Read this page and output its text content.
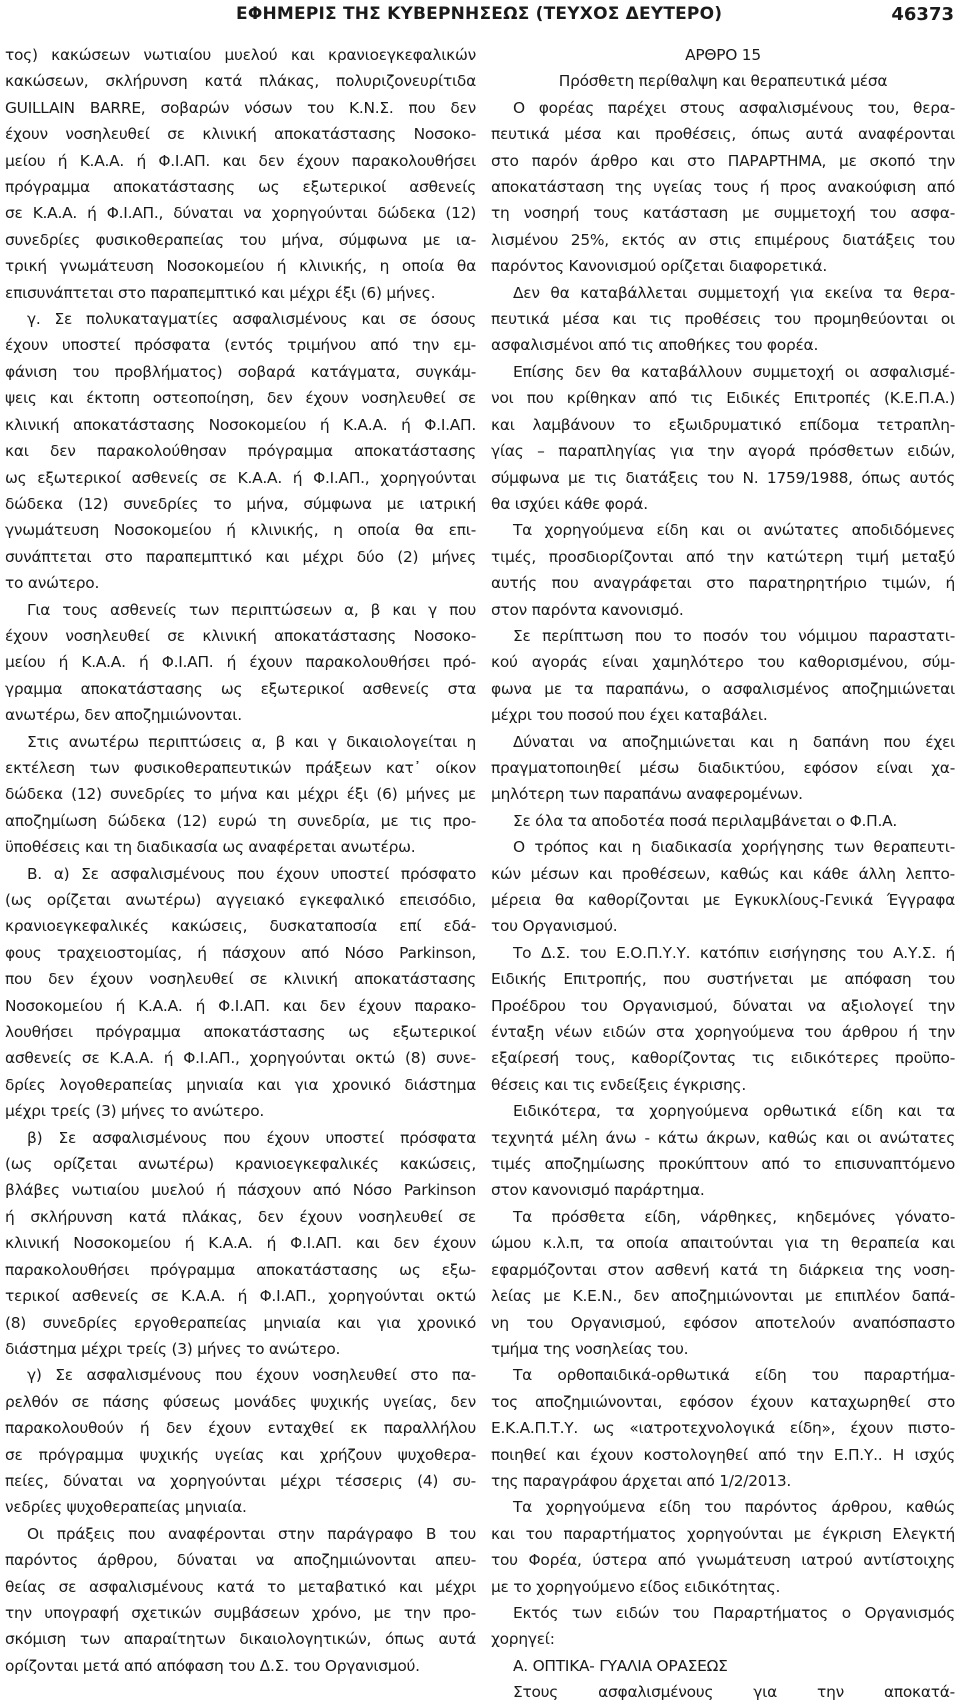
ΕΦΗΜΕΡΙΣ ΤΗΣ ΚΥΒΕΡΝΗΣΕΩΣ (ΤΕΥΧΟΣ ΔΕΥΤΕΡΟ)	46373
τος) κακώσεων νωτιαίου μυελού και κρανιοεγκεφαλικών
κακώσεων, σκλήρυνση κατά πλάκας, πολυριζονευρίτιδα
GUILLAIN BARRE, σοβαρών νόσων του Κ.Ν.Σ. που δεν
έχουν νοσηλευθεί σε κλινική αποκατάστασης Νοσοκο-
μείου ή Κ.Α.Α. ή Φ.Ι.ΑΠ. και δεν έχουν παρακολουθήσει
πρόγραμμα αποκατάστασης ως εξωτερικοί ασθενείς
σε Κ.Α.Α. ή Φ.Ι.ΑΠ., δύναται να χορηγούνται δώδεκα (12)
συνεδρίες φυσικοθεραπείας του μήνα, σύμφωνα με ια-
τρική γνωμάτευση Νοσοκομείου ή κλινικής, η οποία θα
επισυνάπτεται στο παραπεμπτικό και μέχρι έξι (6) μήνες.
γ. Σε πολυκαταγματίες ασφαλισμένους και σε όσους
έχουν υποστεί πρόσφατα (εντός τριμήνου από την εμ-
φάνιση του προβλήματος) σοβαρά κατάγματα, συγκάμ-
ψεις και έκτοπη οστεοποίηση, δεν έχουν νοσηλευθεί σε
κλινική αποκατάστασης Νοσοκομείου ή Κ.Α.Α. ή Φ.Ι.ΑΠ.
και δεν παρακολούθησαν πρόγραμμα αποκατάστασης
ως εξωτερικοί ασθενείς σε Κ.Α.Α. ή Φ.Ι.ΑΠ., χορηγούνται
δώδεκα (12) συνεδρίες το μήνα, σύμφωνα με ιατρική
γνωμάτευση Νοσοκομείου ή κλινικής, η οποία θα επι-
συνάπτεται στο παραπεμπτικό και μέχρι δύο (2) μήνες
το ανώτερο.
Για τους ασθενείς των περιπτώσεων α, β και γ που
έχουν νοσηλευθεί σε κλινική αποκατάστασης Νοσοκο-
μείου ή Κ.Α.Α. ή Φ.Ι.ΑΠ. ή έχουν παρακολουθήσει πρό-
γραμμα αποκατάστασης ως εξωτερικοί ασθενείς στα
ανωτέρω, δεν αποζημιώνονται.
Στις ανωτέρω περιπτώσεις α, β και γ δικαιολογείται η
εκτέλεση των φυσικοθεραπευτικών πράξεων κατ᾽ οίκον
δώδεκα (12) συνεδρίες το μήνα και μέχρι έξι (6) μήνες με
αποζημίωση δώδεκα (12) ευρώ τη συνεδρία, με τις προ-
ϋποθέσεις και τη διαδικασία ως αναφέρεται ανωτέρω.
Β. α) Σε ασφαλισμένους που έχουν υποστεί πρόσφατο
(ως ορίζεται ανωτέρω) αγγειακό εγκεφαλικό επεισόδιο,
κρανιοεγκεφαλικές κακώσεις, δυσκαταποσία επί εδά-
φους τραχειοστομίας, ή πάσχουν από Νόσο Parkinson,
που δεν έχουν νοσηλευθεί σε κλινική αποκατάστασης
Νοσοκομείου ή Κ.Α.Α. ή Φ.Ι.ΑΠ. και δεν έχουν παρακο-
λουθήσει πρόγραμμα αποκατάστασης ως εξωτερικοί
ασθενείς σε Κ.Α.Α. ή Φ.Ι.ΑΠ., χορηγούνται οκτώ (8) συνε-
δρίες λογοθεραπείας μηνιαία και για χρονικό διάστημα
μέχρι τρείς (3) μήνες το ανώτερο.
β) Σε ασφαλισμένους που έχουν υποστεί πρόσφατα
(ως ορίζεται ανωτέρω) κρανιοεγκεφαλικές κακώσεις,
βλάβες νωτιαίου μυελού ή πάσχουν από Νόσο Parkinson
ή σκλήρυνση κατά πλάκας, δεν έχουν νοσηλευθεί σε
κλινική Νοσοκομείου ή Κ.Α.Α. ή Φ.Ι.ΑΠ. και δεν έχουν
παρακολουθήσει πρόγραμμα αποκατάστασης ως εξω-
τερικοί ασθενείς σε Κ.Α.Α. ή Φ.Ι.ΑΠ., χορηγούνται οκτώ
(8) συνεδρίες εργοθεραπείας μηνιαία και για χρονικό
διάστημα μέχρι τρείς (3) μήνες το ανώτερο.
γ) Σε ασφαλισμένους που έχουν νοσηλευθεί στο πα-
ρελθόν σε πάσης φύσεως μονάδες ψυχικής υγείας, δεν
παρακολουθούν ή δεν έχουν ενταχθεί εκ παραλλήλου
σε πρόγραμμα ψυχικής υγείας και χρήζουν ψυχοθερα-
πείες, δύναται να χορηγούνται μέχρι τέσσερις (4) συ-
νεδρίες ψυχοθεραπείας μηνιαία.
Οι πράξεις που αναφέρονται στην παράγραφο Β του
παρόντος άρθρου, δύναται να αποζημιώνονται απευ-
θείας σε ασφαλισμένους κατά το μεταβατικό και μέχρι
την υπογραφή σχετικών συμβάσεων χρόνο, με την προ-
σκόμιση των απαραίτητων δικαιολογητικών, όπως αυτά
ορίζονται μετά από απόφαση του Δ.Σ. του Οργανισμού.
ΑΡΘΡΟ 15
Πρόσθετη περίθαλψη και θεραπευτικά μέσα
Ο φορέας παρέχει στους ασφαλισμένους του, θερα-
πευτικά μέσα και προθέσεις, όπως αυτά αναφέρονται
στο παρόν άρθρο και στο ΠΑΡΑΡΤΗΜΑ, με σκοπό την
αποκατάσταση της υγείας τους ή προς ανακούφιση από
τη νοσηρή τους κατάσταση με συμμετοχή του ασφα-
λισμένου 25%, εκτός αν στις επιμέρους διατάξεις του
παρόντος Κανονισμού ορίζεται διαφορετικά.
Δεν θα καταβάλλεται συμμετοχή για εκείνα τα θερα-
πευτικά μέσα και τις προθέσεις του προμηθεύονται οι
ασφαλισμένοι από τις αποθήκες του φορέα.
Επίσης δεν θα καταβάλλουν συμμετοχή οι ασφαλισμέ-
νοι που κρίθηκαν από τις Ειδικές Επιτροπές (Κ.Ε.Π.Α.)
και λαμβάνουν το εξωιδρυματικό επίδομα τετραπλη-
γίας – παραπληγίας για την αγορά πρόσθετων ειδών,
σύμφωνα με τις διατάξεις του Ν. 1759/1988, όπως αυτός
θα ισχύει κάθε φορά.
Τα χορηγούμενα είδη και οι ανώτατες αποδιδόμενες
τιμές, προσδιορίζονται από την κατώτερη τιμή μεταξύ
αυτής που αναγράφεται στο παρατηρητήριο τιμών, ή
στον παρόντα κανονισμό.
Σε περίπτωση που το ποσόν του νόμιμου παραστατι-
κού αγοράς είναι χαμηλότερο του καθορισμένου, σύμ-
φωνα με τα παραπάνω, ο ασφαλισμένος αποζημιώνεται
μέχρι του ποσού που έχει καταβάλει.
Δύναται να αποζημιώνεται και η δαπάνη που έχει
πραγματοποιηθεί μέσω διαδικτύου, εφόσον είναι χα-
μηλότερη των παραπάνω αναφερομένων.
Σε όλα τα αποδοτέα ποσά περιλαμβάνεται ο Φ.Π.Α.
Ο τρόπος και η διαδικασία χορήγησης των θεραπευτι-
κών μέσων και προθέσεων, καθώς και κάθε άλλη λεπτο-
μέρεια θα καθορίζονται με Εγκυκλίους-Γενικά Έγγραφα
του Οργανισμού.
Το Δ.Σ. του Ε.Ο.Π.Υ.Υ. κατόπιν εισήγησης του Α.Υ.Σ. ή
Ειδικής Επιτροπής, που συστήνεται με απόφαση του
Προέδρου του Οργανισμού, δύναται να αξιολογεί την
ένταξη νέων ειδών στα χορηγούμενα του άρθρου ή την
εξαίρεσή τους, καθορίζοντας τις ειδικότερες προϋπο-
θέσεις και τις ενδείξεις έγκρισης.
Ειδικότερα, τα χορηγούμενα ορθωτικά είδη και τα
τεχνητά μέλη άνω - κάτω άκρων, καθώς και οι ανώτατες
τιμές αποζημίωσης προκύπτουν από το επισυναπτόμενο
στον κανονισμό παράρτημα.
Τα πρόσθετα είδη, νάρθηκες, κηδεμόνες γόνατο-
ώμου κ.λ.π, τα οποία απαιτούνται για τη θεραπεία και
εφαρμόζονται στον ασθενή κατά τη διάρκεια της νοση-
λείας με Κ.Ε.Ν., δεν αποζημιώνονται με επιπλέον δαπά-
νη του Οργανισμού, εφόσον αποτελούν αναπόσπαστο
τμήμα της νοσηλείας του.
Τα ορθοπαιδικά-ορθωτικά είδη του παραρτήμα-
τος αποζημιώνονται, εφόσον έχουν καταχωρηθεί στο
Ε.Κ.Α.Π.Τ.Υ. ως «ιατροτεχνολογικά είδη», έχουν πιστο-
ποιηθεί και έχουν κοστολογηθεί από την Ε.Π.Υ.. Η ισχύς
της παραγράφου άρχεται από 1/2/2013.
Τα χορηγούμενα είδη του παρόντος άρθρου, καθώς
και του παραρτήματος χορηγούνται με έγκριση Ελεγκτή
του Φορέα, ύστερα από γνωμάτευση ιατρού αντίστοιχης
με το χορηγούμενο είδος ειδικότητας.
Εκτός των ειδών του Παραρτήματος ο Οργανισμός
χορηγεί:
Α. ΟΠΤΙΚΑ- ΓΥΑΛΙΑ ΟΡΑΣΕΩΣ
Στους ασφαλισμένους για την αποκατά-
